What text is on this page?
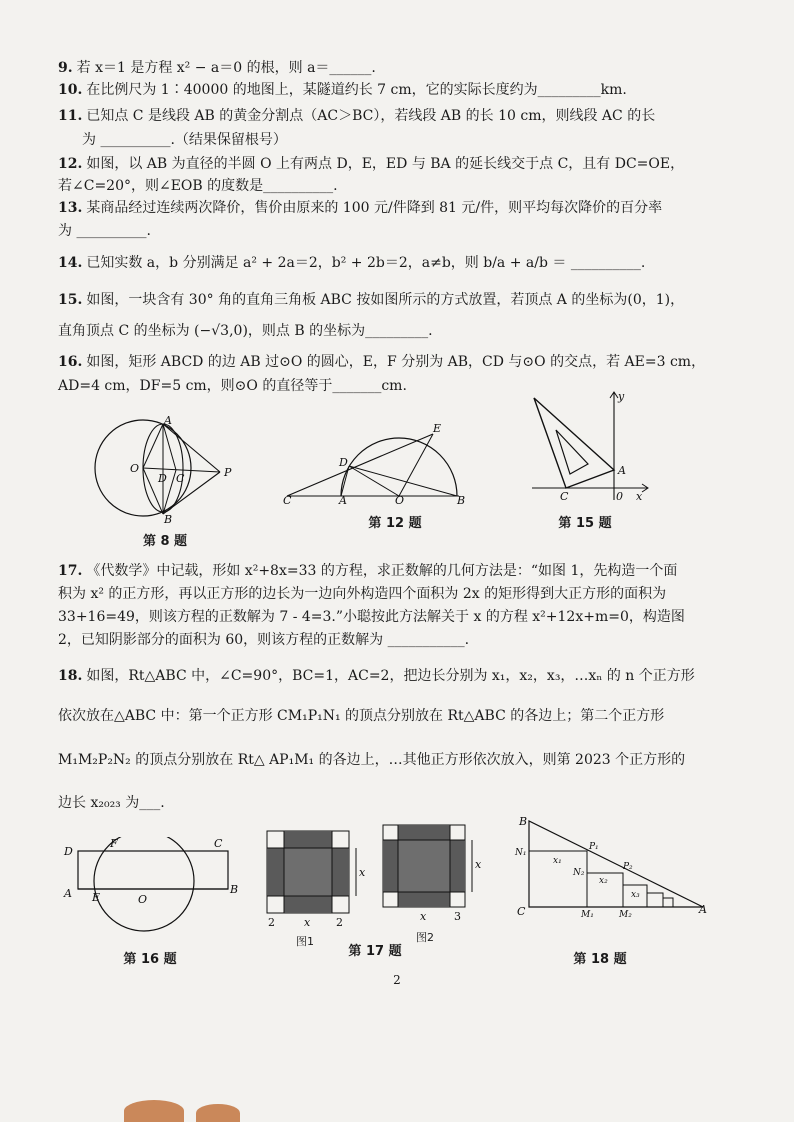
9. 若 x＝1 是方程 x² − a＝0 的根，则 a＝______.
10. 在比例尺为 1∶40000 的地图上，某隧道约长 7 cm，它的实际长度约为_________km.
11. 已知点 C 是线段 AB 的黄金分割点（AC＞BC），若线段 AB 的长 10 cm，则线段 AC 的长
为 __________.（结果保留根号）
12. 如图，以 AB 为直径的半圆 O 上有两点 D，E，ED 与 BA 的延长线交于点 C，且有 DC=OE，
若∠C=20°，则∠EOB 的度数是__________.
13. 某商品经过连续两次降价，售价由原来的 100 元/件降到 81 元/件，则平均每次降价的百分率
为 __________.
14. 已知实数 a，b 分别满足 a² + 2a＝2，b² + 2b＝2，a≠b，则 b/a + a/b ＝ __________.
15. 如图，一块含有 30° 角的直角三角板 ABC 按如图所示的方式放置，若顶点 A 的坐标为(0，1)，
直角顶点 C 的坐标为 (−√3,0)，则点 B 的坐标为_________.
16. 如图，矩形 ABCD 的边 AB 过⊙O 的圆心，E，F 分别为 AB，CD 与⊙O 的交点，若 AE=3 cm，
AD=4 cm，DF=5 cm，则⊙O 的直径等于_______cm.
17. 《代数学》中记载，形如 x²+8x=33 的方程，求正数解的几何方法是：“如图 1，先构造一个面
积为 x² 的正方形，再以正方形的边长为一边向外构造四个面积为 2x 的矩形得到大正方形的面积为
33+16=49，则该方程的正数解为 7 - 4=3.”小聪按此方法解关于 x 的方程 x²+12x+m=0，构造图
2，已知阴影部分的面积为 60，则该方程的正数解为 ___________.
18. 如图，Rt△ABC 中，∠C=90°，BC=1，AC=2，把边长分别为 x₁，x₂，x₃，…xₙ 的 n 个正方形
依次放在△ABC 中：第一个正方形 CM₁P₁N₁ 的顶点分别放在 Rt△ABC 的各边上；第二个正方形
M₁M₂P₂N₂ 的顶点分别放在 Rt△ AP₁M₁ 的各边上，…其他正方形依次放入，则第 2023 个正方形的
边长 x₂₀₂₃ 为___.
A
O
D C	P
B
第 8 题
C	A	O	B
D
E
第 12 题
y
A
C	0 x
第 15 题
D
F	C
A E	O
B
第 16 题
x
2	x 2
图1
x
x	3
图2
第 17 题
B
N₁
P₁
x₁
N₂
P₂
x₂
x₃
C	M₁	M₂	A
第 18 题
2
